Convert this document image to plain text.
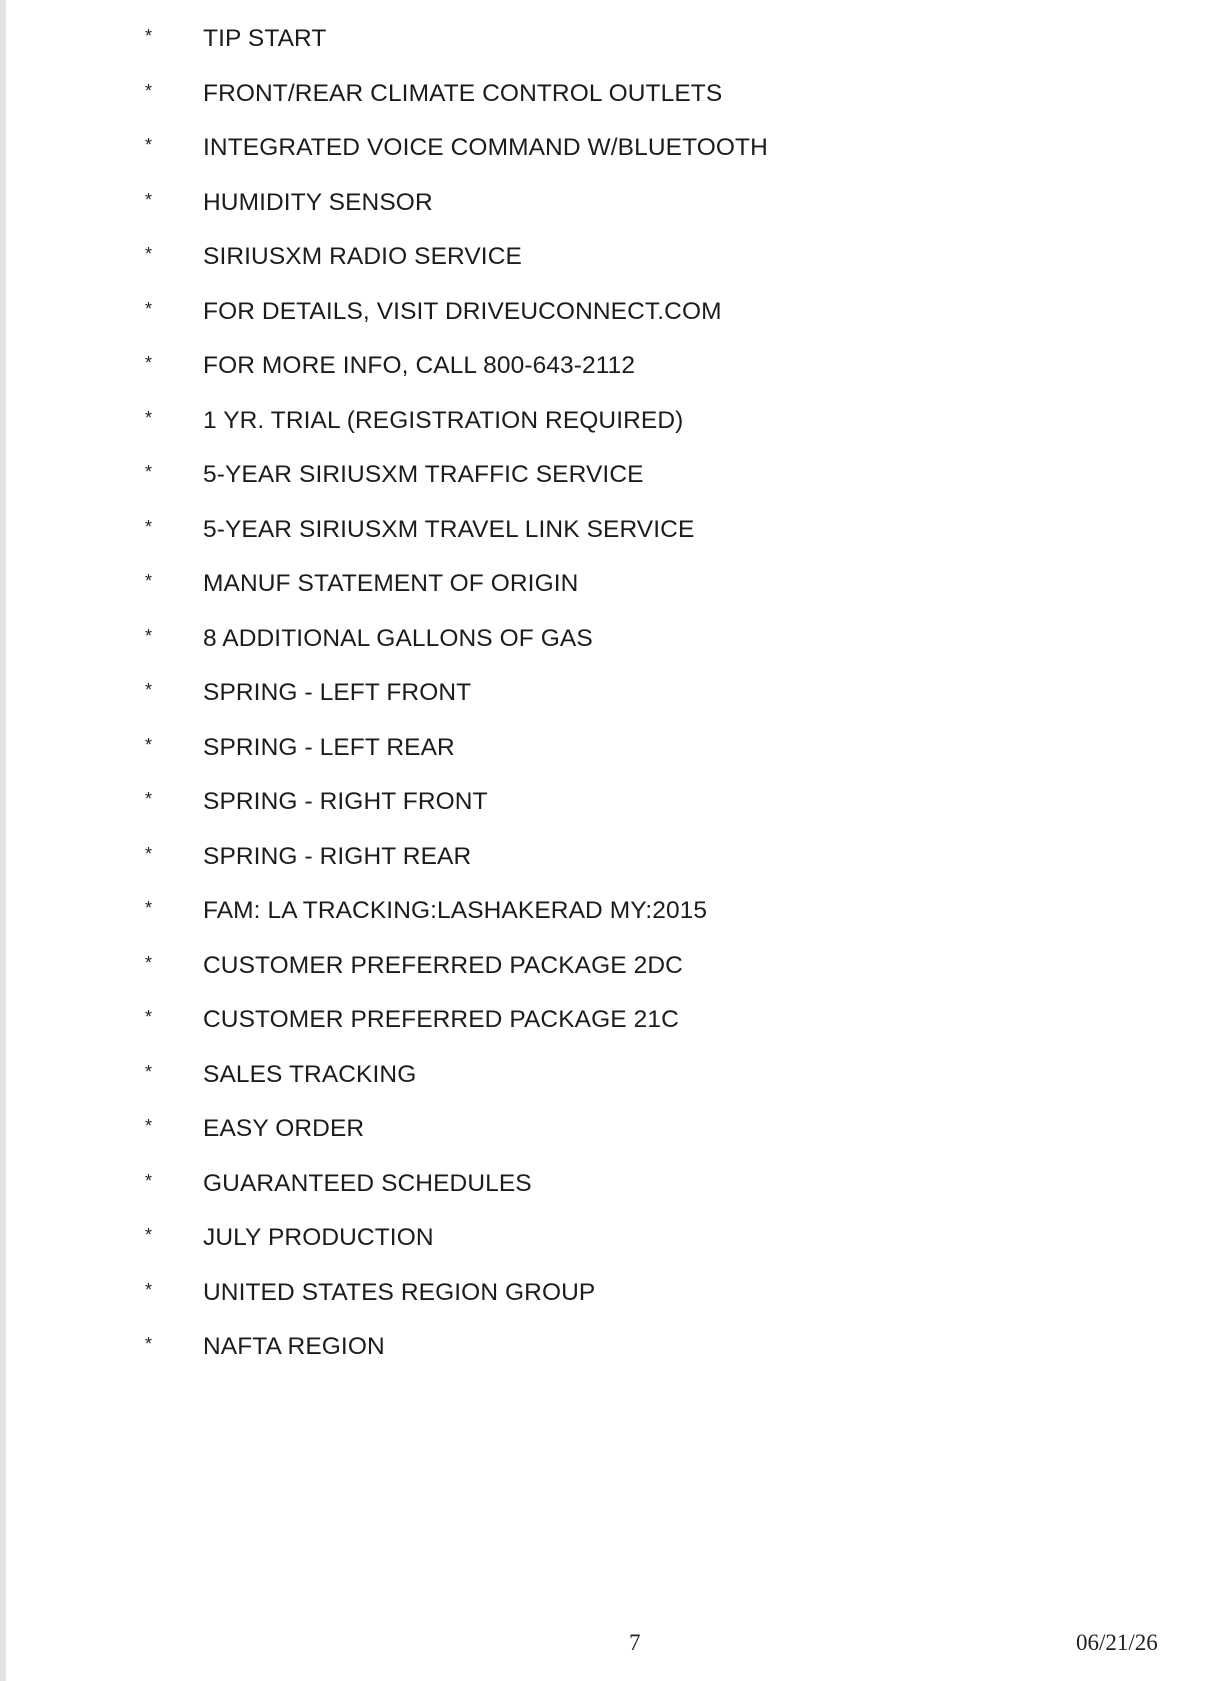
* TIP START
* FRONT/REAR CLIMATE CONTROL OUTLETS
* INTEGRATED VOICE COMMAND W/BLUETOOTH
* HUMIDITY SENSOR
* SIRIUSXM RADIO SERVICE
* FOR DETAILS, VISIT DRIVEUCONNECT.COM
* FOR MORE INFO, CALL 800-643-2112
* 1 YR. TRIAL (REGISTRATION REQUIRED)
* 5-YEAR SIRIUSXM TRAFFIC SERVICE
* 5-YEAR SIRIUSXM TRAVEL LINK SERVICE
* MANUF STATEMENT OF ORIGIN
* 8 ADDITIONAL GALLONS OF GAS
* SPRING - LEFT FRONT
* SPRING - LEFT REAR
* SPRING - RIGHT FRONT
* SPRING - RIGHT REAR
* FAM: LA TRACKING:LASHAKERAD MY:2015
* CUSTOMER PREFERRED PACKAGE 2DC
* CUSTOMER PREFERRED PACKAGE 21C
* SALES TRACKING
* EASY ORDER
* GUARANTEED SCHEDULES
* JULY PRODUCTION
* UNITED STATES REGION GROUP
* NAFTA REGION
7	06/21/26
